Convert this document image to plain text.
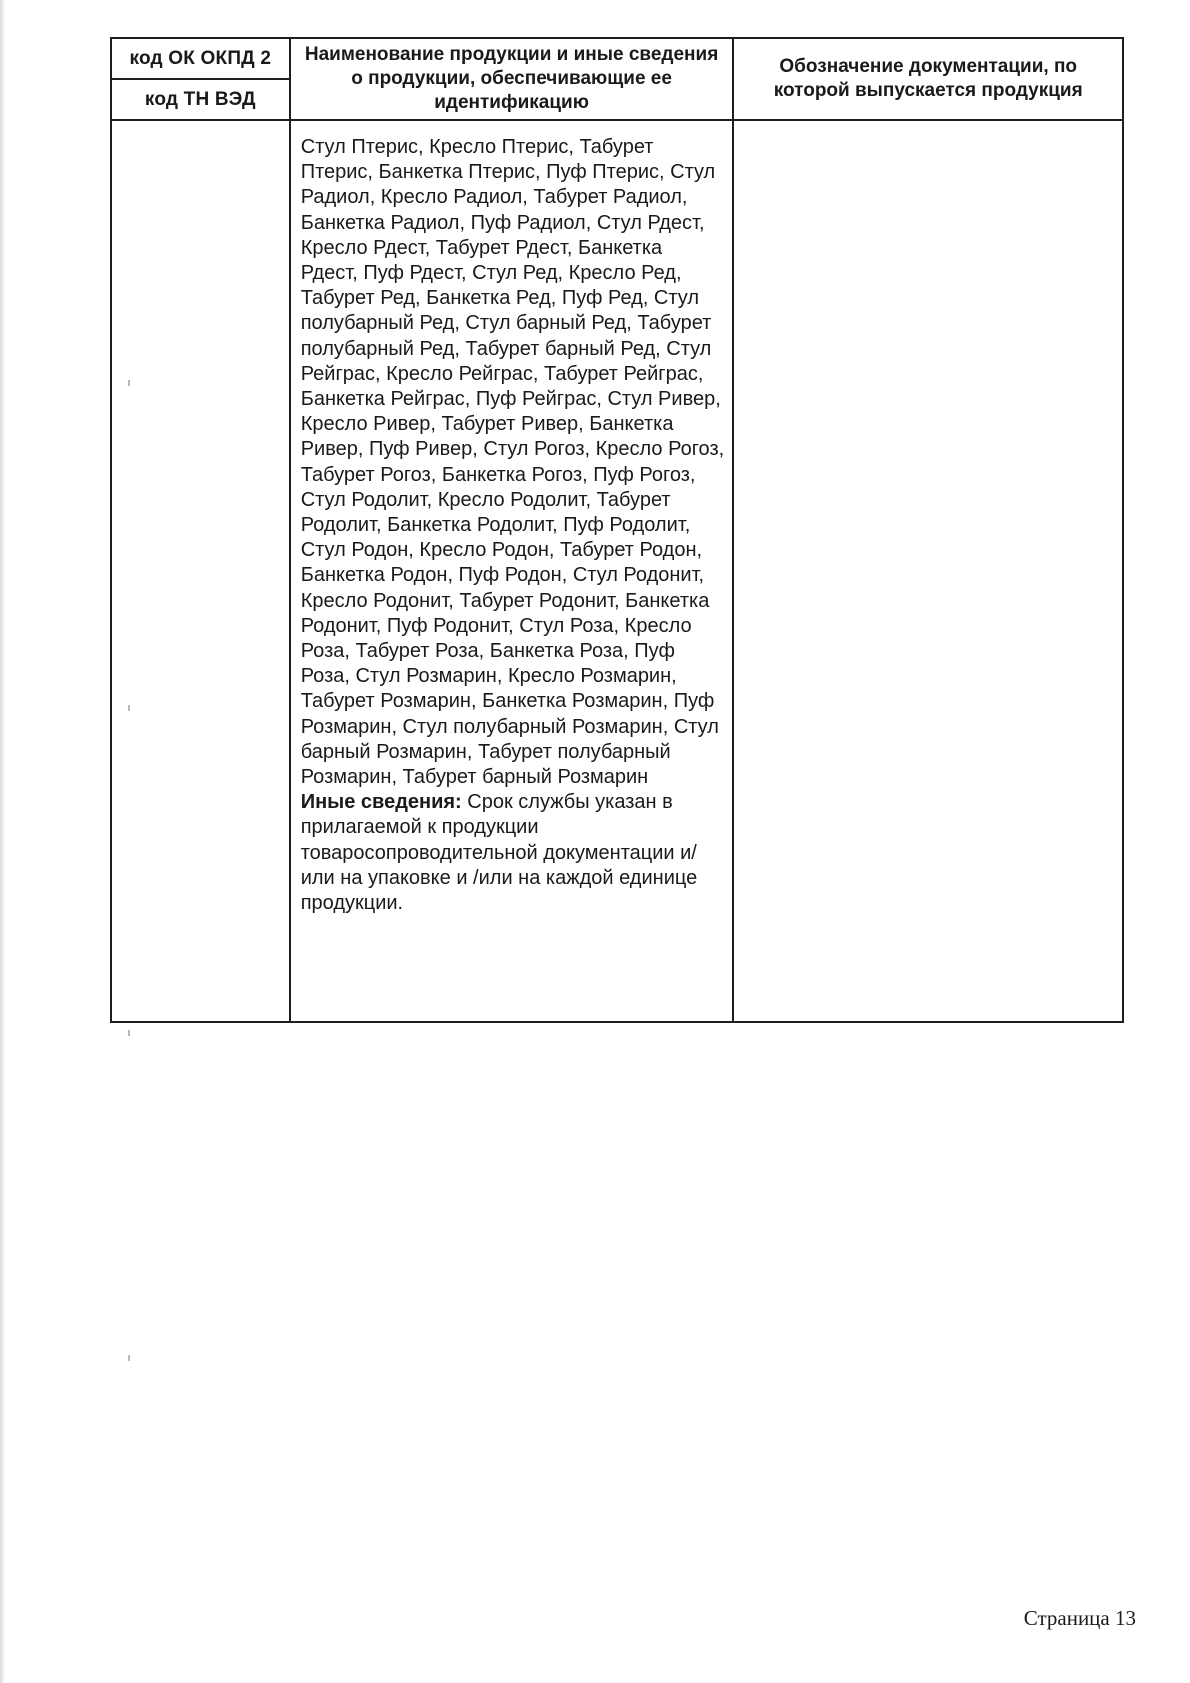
код ОК ОКПД 2
код ТН ВЭД	Наименование продукции и иные сведения о продукции, обеспечивающие ее идентификацию	Обозначение документации, по которой выпускается продукция

	Стул Птерис, Кресло Птерис, Табурет Птерис, Банкетка Птерис, Пуф Птерис, Стул Радиол, Кресло Радиол, Табурет Радиол, Банкетка Радиол, Пуф Радиол, Стул Рдест, Кресло Рдест, Табурет Рдест, Банкетка Рдест, Пуф Рдест, Стул Ред, Кресло Ред, Табурет Ред, Банкетка Ред, Пуф Ред, Стул полубарный Ред, Стул барный Ред, Табурет полубарный Ред, Табурет барный Ред, Стул Рейграс, Кресло Рейграс, Табурет Рейграс, Банкетка Рейграс, Пуф Рейграс, Стул Ривер, Кресло Ривер, Табурет Ривер, Банкетка Ривер, Пуф Ривер, Стул Рогоз, Кресло Рогоз, Табурет Рогоз, Банкетка Рогоз, Пуф Рогоз, Стул Родолит, Кресло Родолит, Табурет Родолит, Банкетка Родолит, Пуф Родолит, Стул Родон, Кресло Родон, Табурет Родон, Банкетка Родон, Пуф Родон, Стул Родонит, Кресло Родонит, Табурет Родонит, Банкетка Родонит, Пуф Родонит, Стул Роза, Кресло Роза, Табурет Роза, Банкетка Роза, Пуф Роза, Стул Розмарин, Кресло Розмарин, Табурет Розмарин, Банкетка Розмарин, Пуф Розмарин, Стул полубарный Розмарин, Стул барный Розмарин, Табурет полубарный Розмарин, Табурет барный Розмарин

Иные сведения: Срок службы указан в прилагаемой к продукции товаросопроводительной документации и/или на упаковке и /или на каждой единице продукции.	

Страница 13
